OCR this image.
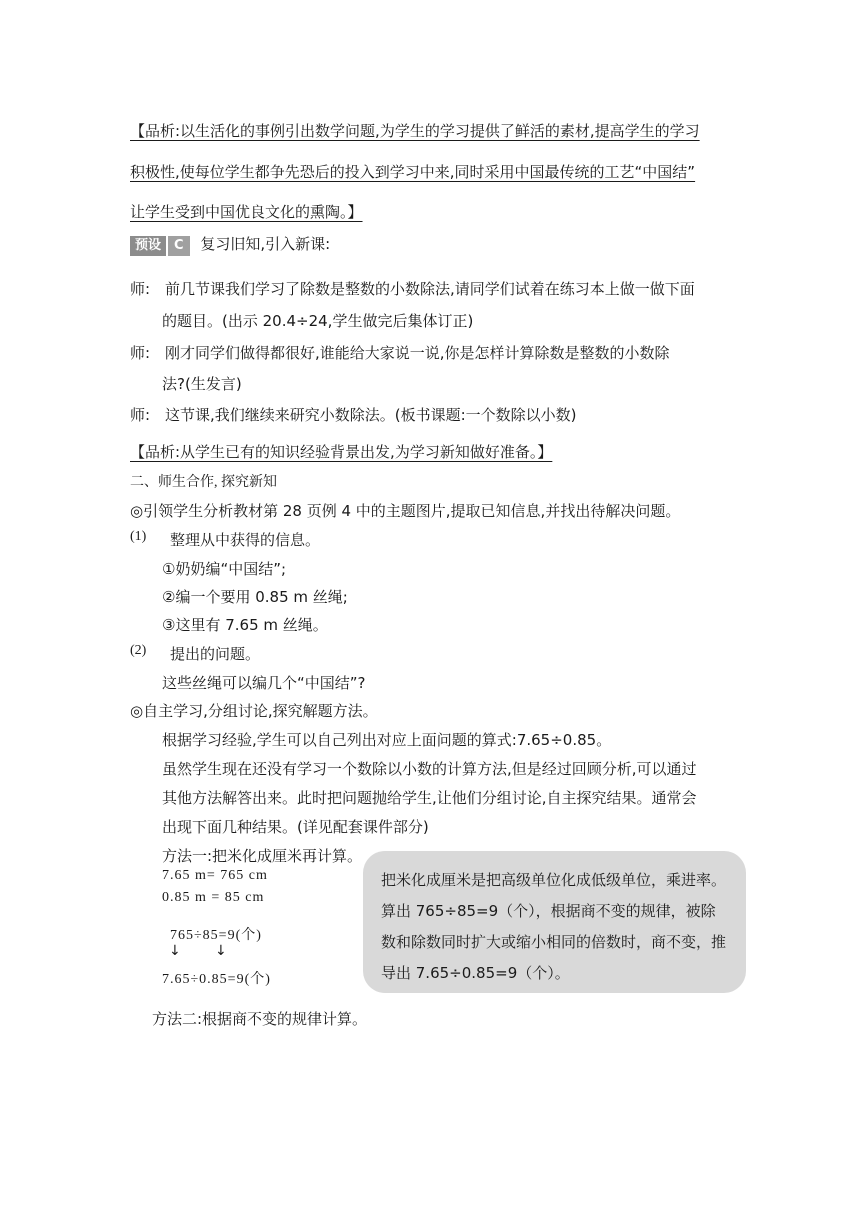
【品析:以生活化的事例引出数学问题,为学生的学习提供了鲜活的素材,提高学生的学习
积极性,使每位学生都争先恐后的投入到学习中来,同时采用中国最传统的工艺“中国结”
让学生受到中国优良文化的熏陶。】
预设 C 复习旧知,引入新课:
师: 前几节课我们学习了除数是整数的小数除法,请同学们试着在练习本上做一做下面
的题目。(出示 20.4÷24,学生做完后集体订正)
师: 刚才同学们做得都很好,谁能给大家说一说,你是怎样计算除数是整数的小数除
法?(生发言)
师: 这节课,我们继续来研究小数除法。(板书课题:一个数除以小数)
【品析:从学生已有的知识经验背景出发,为学习新知做好准备。】
二、师生合作, 探究新知
◎引领学生分析教材第 28 页例 4 中的主题图片,提取已知信息,并找出待解决问题。
(1) 整理从中获得的信息。
①奶奶编“中国结”;
②编一个要用 0.85 m 丝绳;
③这里有 7.65 m 丝绳。
(2) 提出的问题。
这些丝绳可以编几个“中国结”?
◎自主学习,分组讨论,探究解题方法。
根据学习经验,学生可以自己列出对应上面问题的算式:7.65÷0.85。
虽然学生现在还没有学习一个数除以小数的计算方法,但是经过回顾分析,可以通过
其他方法解答出来。此时把问题抛给学生,让他们分组讨论,自主探究结果。通常会
出现下面几种结果。(详见配套课件部分)
方法一:把米化成厘米再计算。
7.65 m= 765 cm
0.85 m = 85 cm
765÷85=9(个)
↓ ↓
7.65÷0.85=9(个)
方法二:根据商不变的规律计算。
把米化成厘米是把高级单位化成低级单位，乘进率。算出 765÷85=9（个），根据商不变的规律，被除数和除数同时扩大或缩小相同的倍数时，商不变，推导出 7.65÷0.85=9（个）。
